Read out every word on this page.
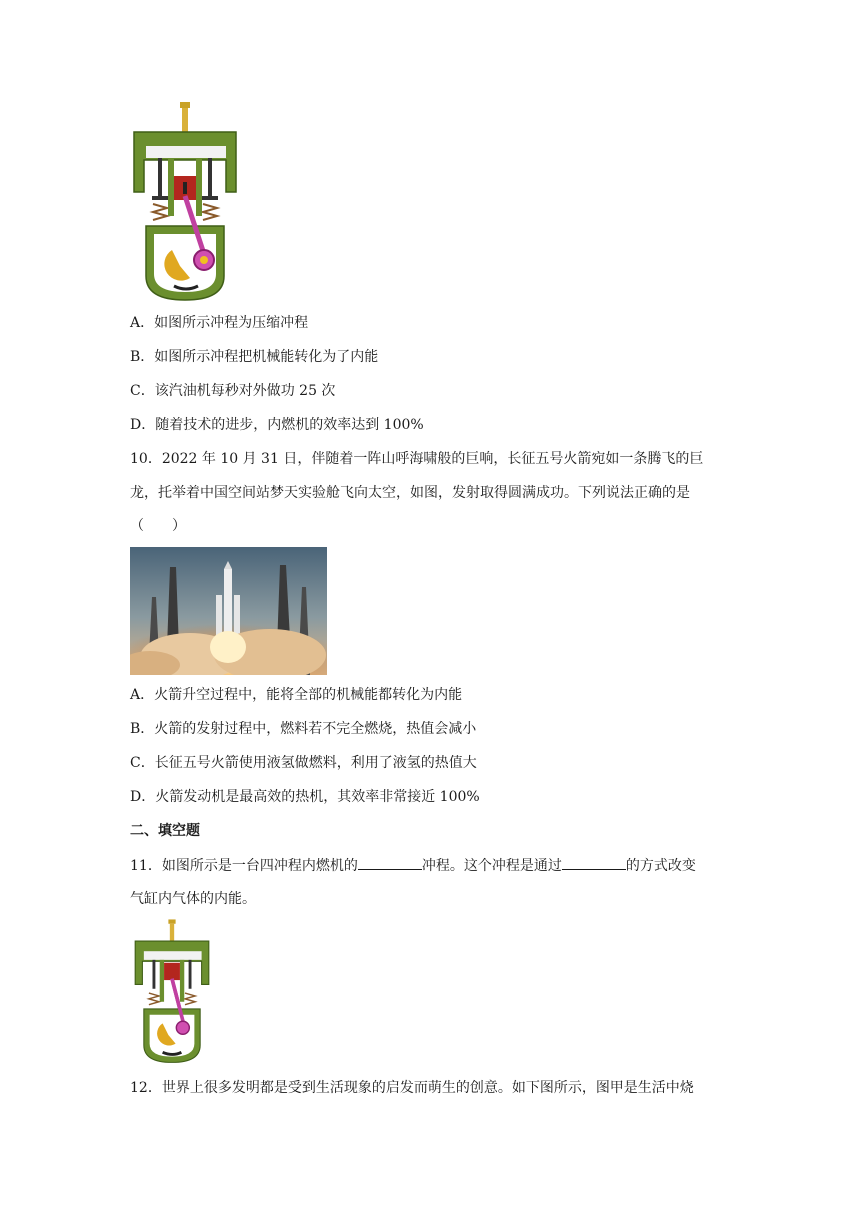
A．如图所示冲程为压缩冲程
B．如图所示冲程把机械能转化为了内能
C．该汽油机每秒对外做功 25 次
D．随着技术的进步，内燃机的效率达到 100%
10．2022 年 10 月 31 日，伴随着一阵山呼海啸般的巨响，长征五号火箭宛如一条腾飞的巨
龙，托举着中国空间站梦天实验舱飞向太空，如图，发射取得圆满成功。下列说法正确的是
（　　）
A．火箭升空过程中，能将全部的机械能都转化为内能
B．火箭的发射过程中，燃料若不完全燃烧，热值会减小
C．长征五号火箭使用液氢做燃料，利用了液氢的热值大
D．火箭发动机是最高效的热机，其效率非常接近 100%
二、填空题
11．如图所示是一台四冲程内燃机的	冲程。这个冲程是通过	的方式改变
气缸内气体的内能。
12．世界上很多发明都是受到生活现象的启发而萌生的创意。如下图所示，图甲是生活中烧
